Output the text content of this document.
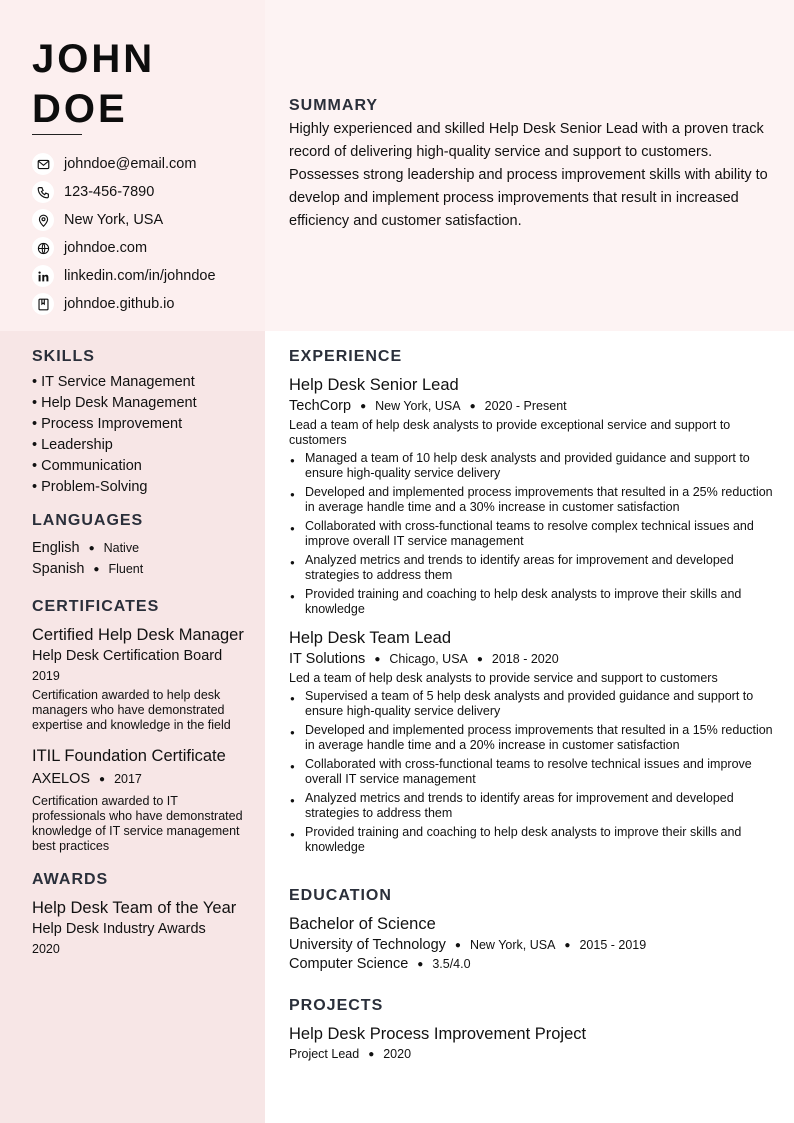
JOHN
DOE
johndoe@email.com
123-456-7890
New York, USA
johndoe.com
linkedin.com/in/johndoe
johndoe.github.io
SUMMARY
Highly experienced and skilled Help Desk Senior Lead with a proven track record of delivering high-quality service and support to customers. Possesses strong leadership and process improvement skills with ability to develop and implement process improvements that result in increased efficiency and customer satisfaction.
SKILLS
• IT Service Management
• Help Desk Management
• Process Improvement
• Leadership
• Communication
• Problem-Solving
LANGUAGES
English ● Native
Spanish ● Fluent
CERTIFICATES
Certified Help Desk Manager
Help Desk Certification Board
2019
Certification awarded to help desk managers who have demonstrated expertise and knowledge in the field
ITIL Foundation Certificate
AXELOS ● 2017
Certification awarded to IT professionals who have demonstrated knowledge of IT service management best practices
AWARDS
Help Desk Team of the Year
Help Desk Industry Awards
2020
EXPERIENCE
Help Desk Senior Lead
TechCorp ● New York, USA ● 2020 - Present
Lead a team of help desk analysts to provide exceptional service and support to customers
● Managed a team of 10 help desk analysts and provided guidance and support to ensure high-quality service delivery
● Developed and implemented process improvements that resulted in a 25% reduction in average handle time and a 30% increase in customer satisfaction
● Collaborated with cross-functional teams to resolve complex technical issues and improve overall IT service management
● Analyzed metrics and trends to identify areas for improvement and developed strategies to address them
● Provided training and coaching to help desk analysts to improve their skills and knowledge
Help Desk Team Lead
IT Solutions ● Chicago, USA ● 2018 - 2020
Led a team of help desk analysts to provide service and support to customers
● Supervised a team of 5 help desk analysts and provided guidance and support to ensure high-quality service delivery
● Developed and implemented process improvements that resulted in a 15% reduction in average handle time and a 20% increase in customer satisfaction
● Collaborated with cross-functional teams to resolve technical issues and improve overall IT service management
● Analyzed metrics and trends to identify areas for improvement and developed strategies to address them
● Provided training and coaching to help desk analysts to improve their skills and knowledge
EDUCATION
Bachelor of Science
University of Technology ● New York, USA ● 2015 - 2019
Computer Science ● 3.5/4.0
PROJECTS
Help Desk Process Improvement Project
Project Lead ● 2020
